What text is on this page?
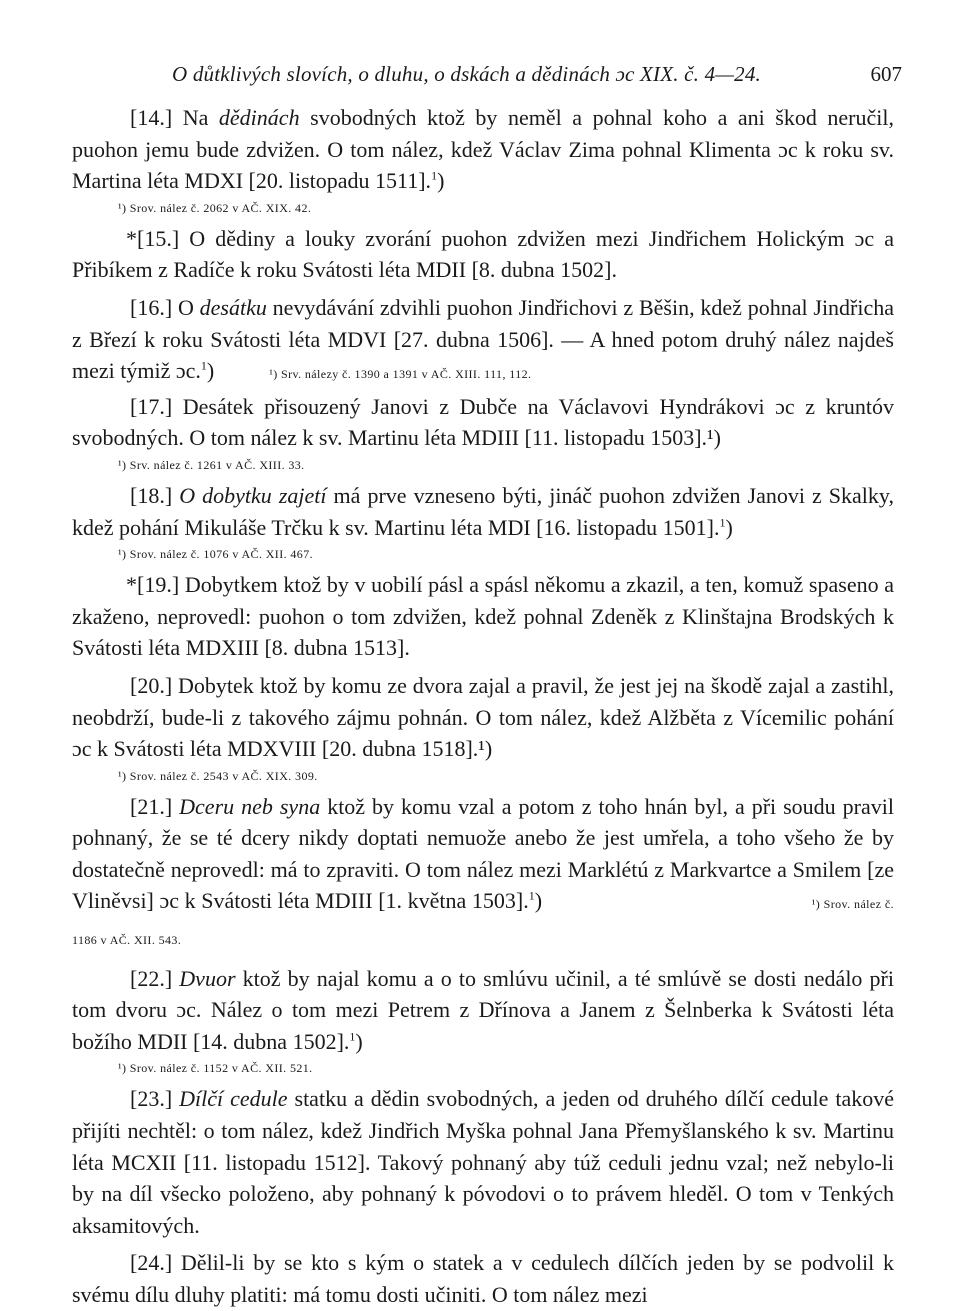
O důtklivých slovích, o dluhu, o dskách a dědinách ɔc XIX. č. 4—24.	607

[14.] Na dědinách svobodných ktož by neměl a pohnal koho a ani škod neručil, puohon jemu bude zdvižen. O tom nález, kdež Václav Zima pohnal Klimenta ɔc k roku sv. Martina léta MDXI [20. listopadu 1511].$^1$)

¹) Srov. nález č. 2062 v AČ. XIX. 42.

*[15.] O dědiny a louky zvorání puohon zdvižen mezi Jindřichem Holickým ɔc a Přibíkem z Radíče k roku Svátosti léta MDII [8. dubna 1502].

[16.] O desátku nevydávání zdvihli puohon Jindřichovi z Běšin, kdež pohnal Jindřicha z Březí k roku Svátosti léta MDVI [27. dubna 1506]. — A hned potom druhý nález najdeš mezi týmiž ɔc.$^1$)	¹) Srv. nálezy č. 1390 a 1391 v AČ. XIII. 111, 112.

[17.] Desátek přisouzený Janovi z Dubče na Václavovi Hyndrákovi ɔc z kruntóv svobodných. O tom nález k sv. Martinu léta MDIII [11. listopadu 1503].¹)

¹) Srv. nález č. 1261 v AČ. XIII. 33.

[18.] O dobytku zajetí má prve vzneseno býti, jináč puohon zdvižen Janovi z Skalky, kdež pohání Mikuláše Trčku k sv. Martinu léta MDI [16. listopadu 1501].$^1$)

¹) Srov. nález č. 1076 v AČ. XII. 467.

*[19.] Dobytkem ktož by v uobilí pásl a spásl někomu a zkazil, a ten, komuž spaseno a zkaženo, neprovedl: puohon o tom zdvižen, kdež pohnal Zdeněk z Klinštajna Brodských k Svátosti léta MDXIII [8. dubna 1513].

[20.] Dobytek ktož by komu ze dvora zajal a pravil, že jest jej na škodě zajal a zastihl, neobdrží, bude-li z takového zájmu pohnán. O tom nález, kdež Alžběta z Vícemilic pohání ɔc k Svátosti léta MDXVIII [20. dubna 1518].¹)

¹) Srov. nález č. 2543 v AČ. XIX. 309.

[21.] Dceru neb syna ktož by komu vzal a potom z toho hnán byl, a při soudu pravil pohnaný, že se té dcery nikdy doptati nemuože anebo že jest umřela, a toho všeho že by dostatečně neprovedl: má to zpraviti. O tom nález mezi Marklétú z Markvartce a Smilem [ze Vliněvsi] ɔc k Svátosti léta MDIII [1. května 1503].$^1$)	¹) Srov. nález č. 1186 v AČ. XII. 543.

[22.] Dvuor ktož by najal komu a o to smlúvu učinil, a té smlúvě se dosti nedálo při tom dvoru ɔc. Nález o tom mezi Petrem z Dřínova a Janem z Šelnberka k Svátosti léta božího MDII [14. dubna 1502].$^1$)

¹) Srov. nález č. 1152 v AČ. XII. 521.

[23.] Dílčí cedule statku a dědin svobodných, a jeden od druhého dílčí cedule takové přijíti nechtěl: o tom nález, kdež Jindřich Myška pohnal Jana Přemyšlanského k sv. Martinu léta MCXII [11. listopadu 1512]. Takový pohnaný aby túž ceduli jednu vzal; než nebylo-li by na díl všecko položeno, aby pohnaný k póvodovi o to právem hleděl. O tom v Tenkých aksamitových.

[24.] Dělil-li by se kto s kým o statek a v cedulech dílčích jeden by se podvolil k svému dílu dluhy platiti: má tomu dosti učiniti. O tom nález mezi
